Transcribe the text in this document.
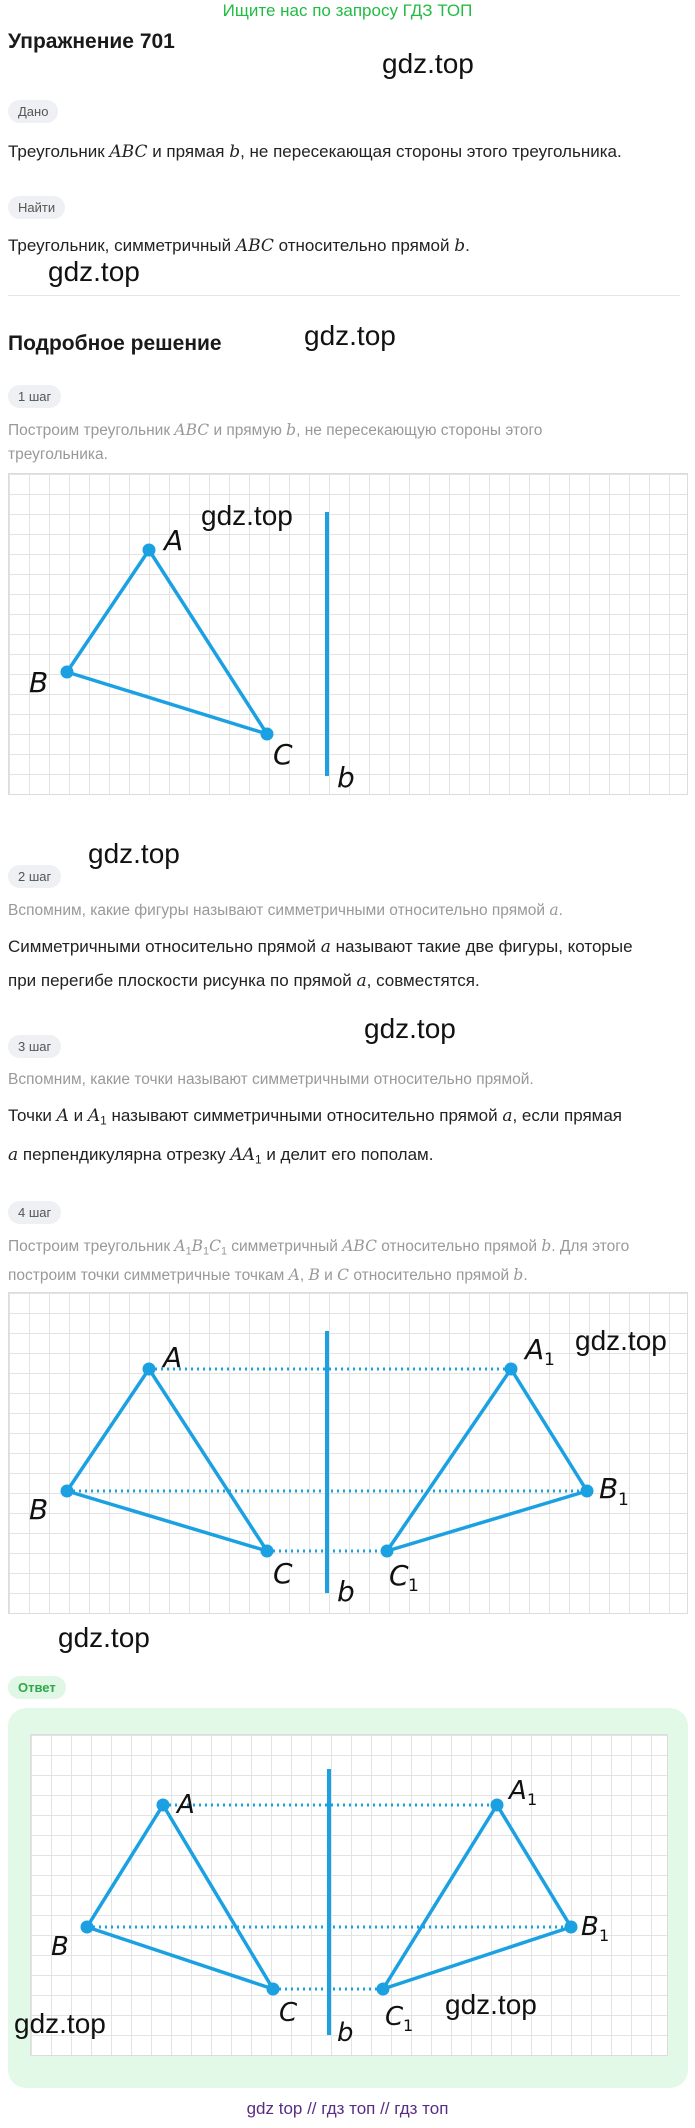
Ищите нас по запросу ГДЗ ТОП
Упражнение 701
gdz.top
Дано
Треугольник ABC и прямая b, не пересекающая стороны этого треугольника.
Найти
Треугольник, симметричный ABC относительно прямой b.
gdz.top
Подробное решение	gdz.top
1 шаг
Построим треугольник ABC и прямую b, не пересекающую стороны этого
треугольника.
A
B
C
b
gdz.top
gdz.top
2 шаг
Вспомним, какие фигуры называют симметричными относительно прямой a.
Симметричными относительно прямой a называют такие две фигуры, которые
при перегибе плоскости рисунка по прямой a, совместятся.
gdz.top
3 шаг
Вспомним, какие точки называют симметричными относительно прямой.
Точки A и $A_1$ называют симметричными относительно прямой a, если прямая
a перпендикулярна отрезку $AA_1$ и делит его пополам.
4 шаг
Построим треугольник $A_1B_1C_1$ симметричный ABC относительно прямой b. Для этого
построим точки симметричные точкам A, B и C относительно прямой b.
A
B
C
b
A 1
B 1
C 1
gdz.top
gdz.top
Ответ
A
B
C
b
A 1
B 1
C 1
gdz.top
gdz.top
gdz top // гдз топ // гдз топ
